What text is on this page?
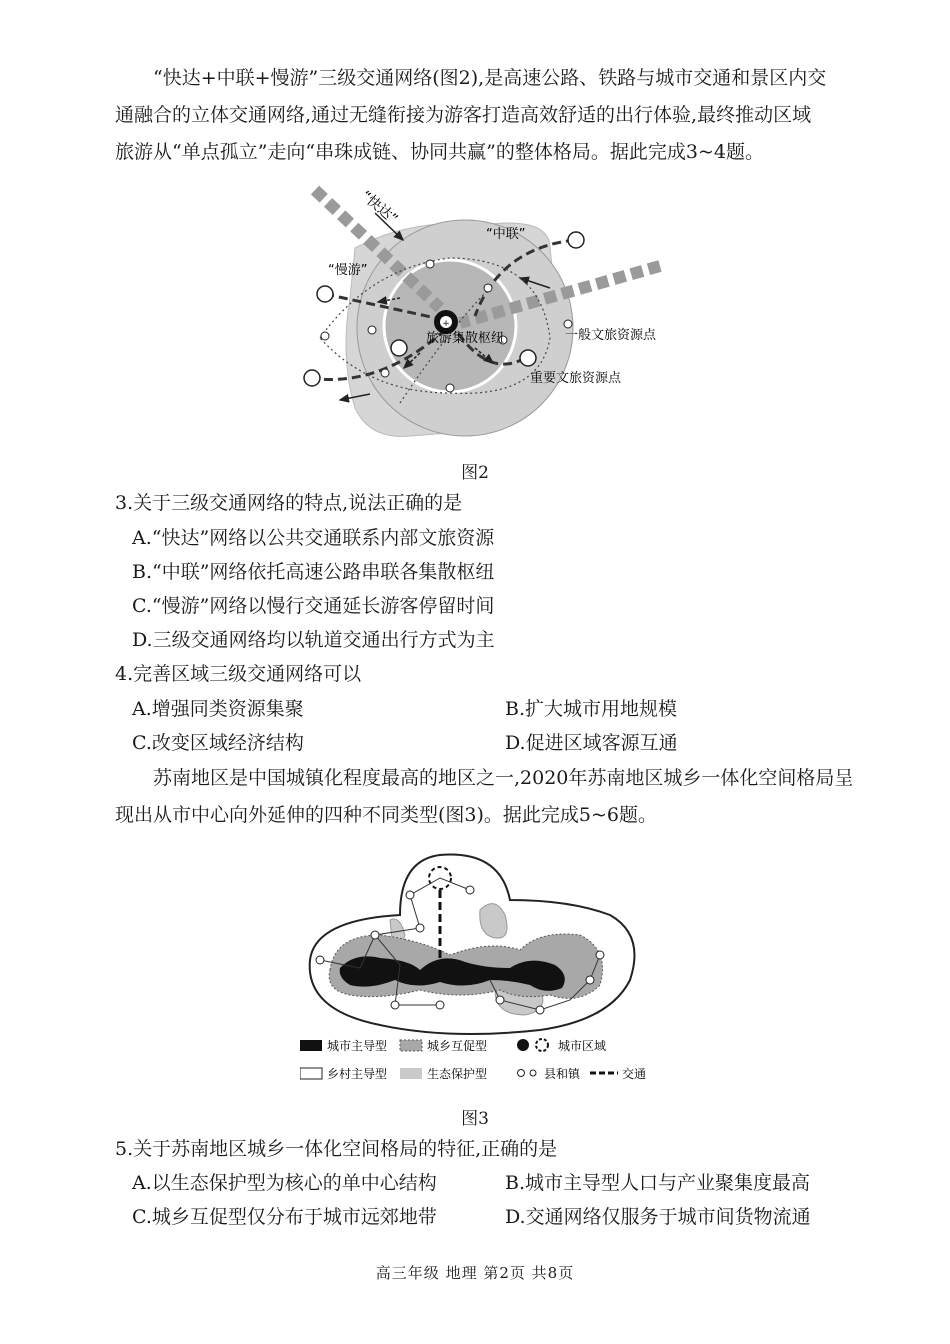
“快达+中联+慢游”三级交通网络(图2),是高速公路、铁路与城市交通和景区内交
通融合的立体交通网络,通过无缝衔接为游客打造高效舒适的出行体验,最终推动区域
旅游从“单点孤立”走向“串珠成链、协同共赢”的整体格局。据此完成3~4题。

+
“快达”
“中联”
“慢游”
旅游集散枢纽	一般文旅资源点
重要文旅资源点
图2
3.关于三级交通网络的特点,说法正确的是
A.“快达”网络以公共交通联系内部文旅资源
B.“中联”网络依托高速公路串联各集散枢纽
C.“慢游”网络以慢行交通延长游客停留时间
D.三级交通网络均以轨道交通出行方式为主
4.完善区域三级交通网络可以
A.增强同类资源集聚	B.扩大城市用地规模
C.改变区域经济结构	D.促进区域客源互通

苏南地区是中国城镇化程度最高的地区之一,2020年苏南地区城乡一体化空间格局呈
现出从市中心向外延伸的四种不同类型(图3)。据此完成5~6题。

城市主导型	城乡互促型	城市区域
乡村主导型	生态保护型	县和镇	交通
图3
5.关于苏南地区城乡一体化空间格局的特征,正确的是
A.以生态保护型为核心的单中心结构	B.城市主导型人口与产业聚集度最高
C.城乡互促型仅分布于城市远郊地带	D.交通网络仅服务于城市间货物流通
高三年级 地理 第2页 共8页
